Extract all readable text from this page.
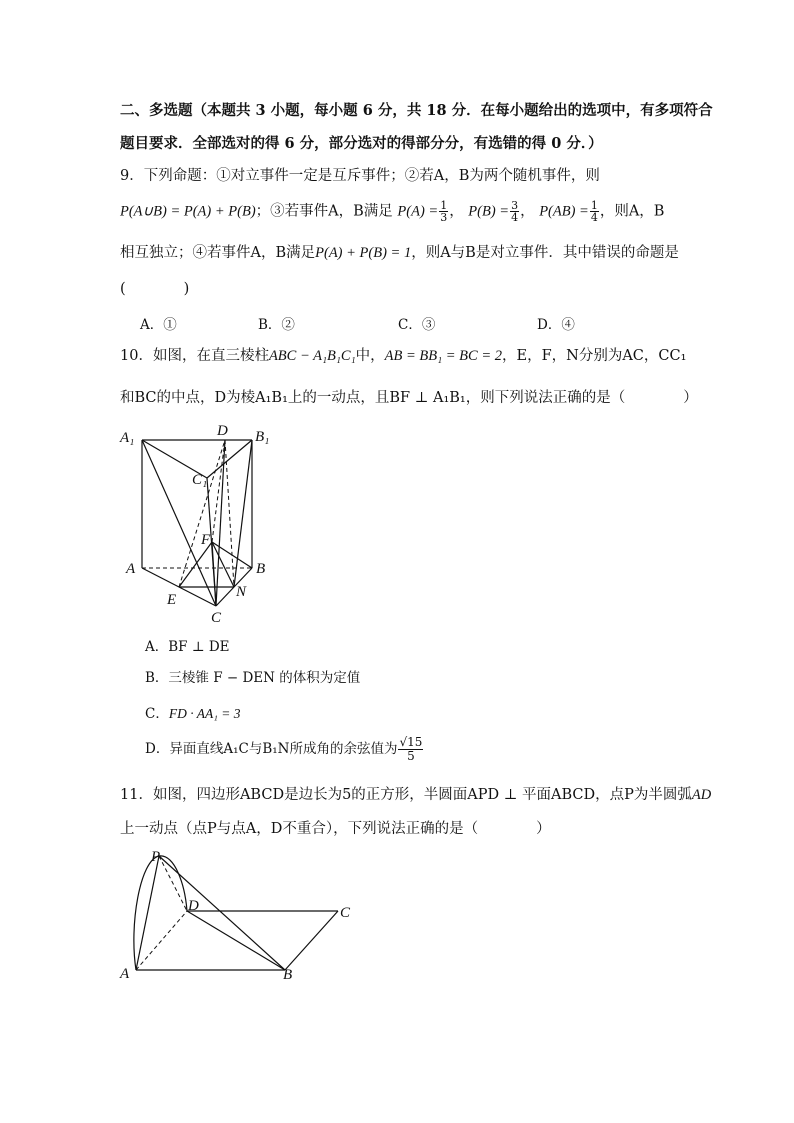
二、多选题（本题共 3 小题，每小题 6 分，共 18 分．在每小题给出的选项中，有多项符合
题目要求．全部选对的得 6 分，部分选对的得部分分，有选错的得 0 分．）
9．下列命题：①对立事件一定是互斥事件；②若A，B为两个随机事件，则
P(A∪B) = P(A) + P(B)；③若事件A，B满足 $P(A) = \frac{1}{3}$ ， $P(B) = \frac{3}{4}$ ， $P(AB) = \frac{1}{4}$ ，则A，B
相互独立；④若事件A，B满足P(A) + P(B) = 1，则A与B是对立事件．其中错误的命题是
(　　　　)
A．①	B．②	C．③	D．④
10．如图，在直三棱柱ABC − A₁B₁C₁中，AB = BB₁ = BC = 2，E，F，N分别为AC，CC₁
和BC的中点，D为棱A₁B₁上的一动点，且BF ⊥ A₁B₁，则下列说法正确的是（　　　　）
A₁	D B₁
C₁
F
A	B
E	N
C
A．BF ⊥ DE
B．三棱锥 F − DEN 的体积为定值
C．FD · AA₁ = 3
D．异面直线A₁C与B₁N所成角的余弦值为 $\frac{√15}{5}$
11．如图，四边形ABCD是边长为5的正方形，半圆面APD ⊥ 平面ABCD，点P为半圆弧AD
上一动点（点P与点A，D不重合），下列说法正确的是（　　　　）
P
D	C
A	B
